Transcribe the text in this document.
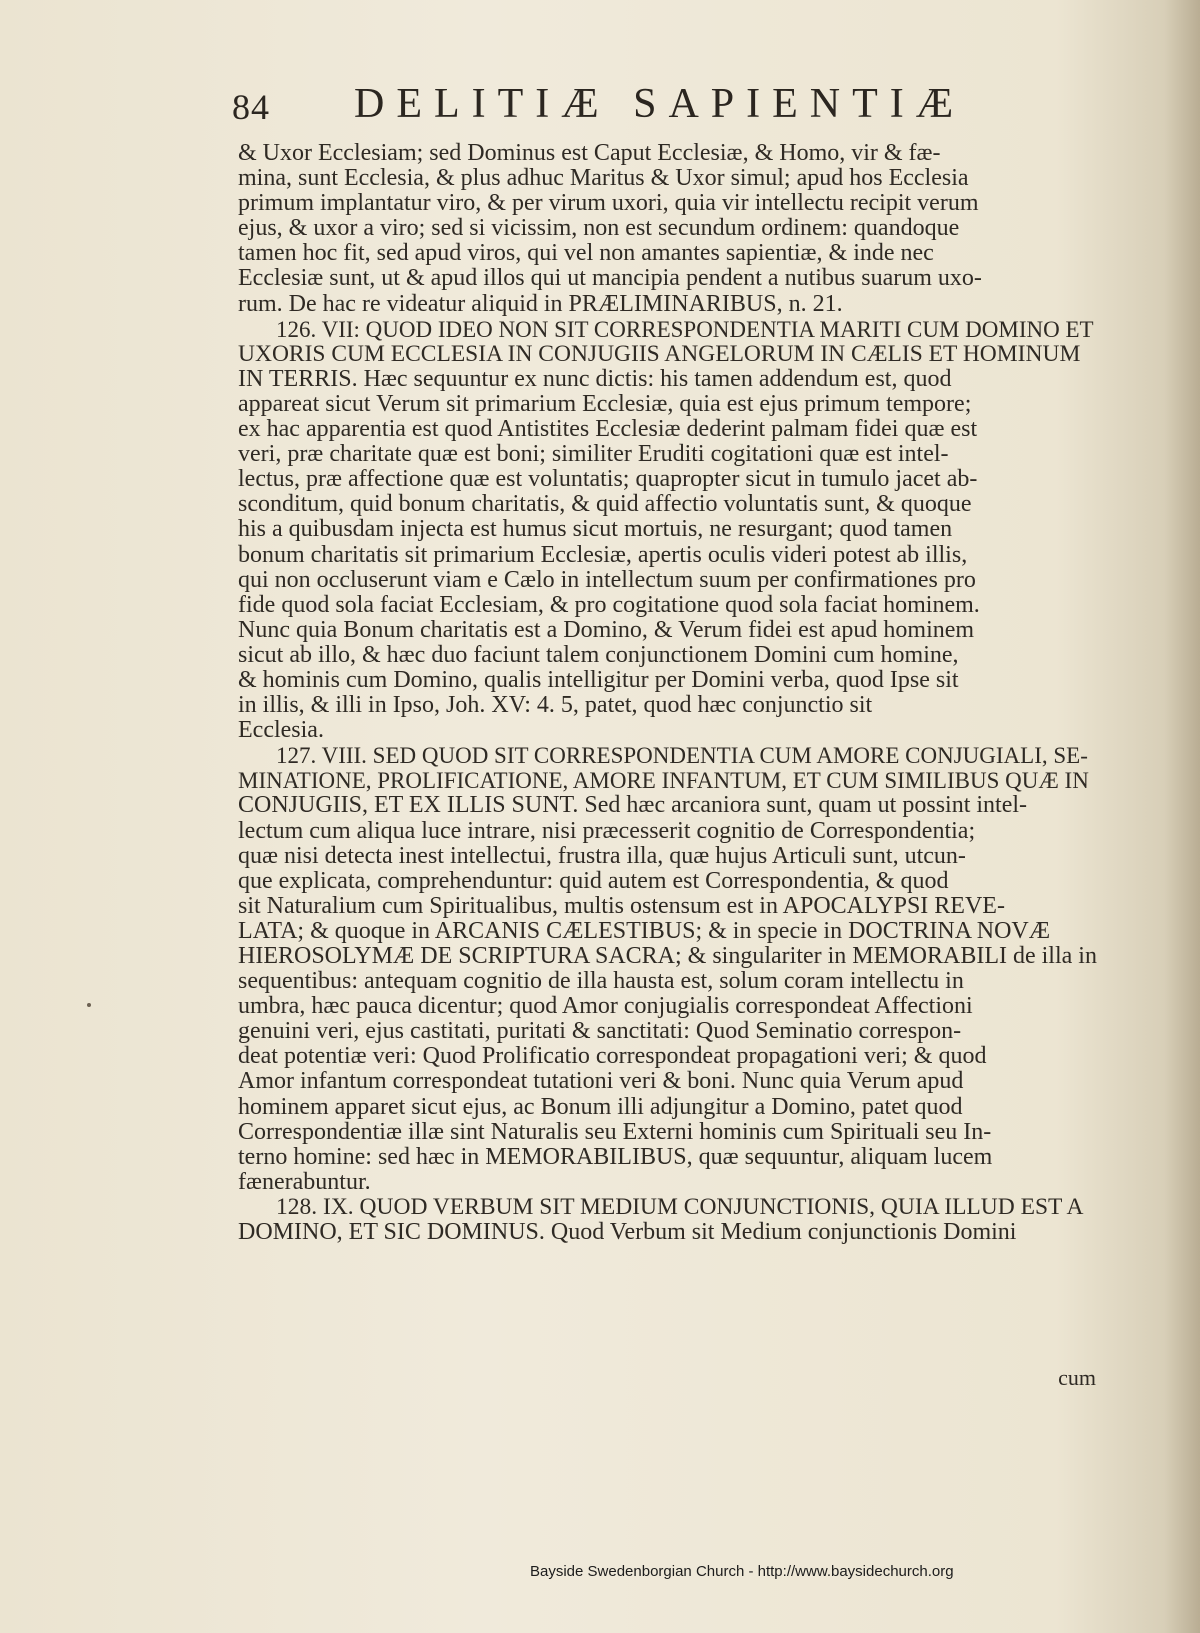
84 DELITIÆ SAPIENTIÆ
& Uxor Ecclesiam; sed Dominus est Caput Ecclesiæ, & Homo, vir & fæ-
mina, sunt Ecclesia, & plus adhuc Maritus & Uxor simul; apud hos Ecclesia
primum implantatur viro, & per virum uxori, quia vir intellectu recipit verum
ejus, & uxor a viro; sed si vicissim, non est secundum ordinem: quandoque
tamen hoc fit, sed apud viros, qui vel non amantes sapientiæ, & inde nec
Ecclesiæ sunt, ut & apud illos qui ut mancipia pendent a nutibus suarum uxo-
rum. De hac re videatur aliquid in PRÆLIMINARIBUS, n. 21.
126. VII: QUOD IDEO NON SIT CORRESPONDENTIA MARITI CUM DOMINO ET
UXORIS CUM ECCLESIA IN CONJUGIIS ANGELORUM IN CÆLIS ET HOMINUM
IN TERRIS. Hæc sequuntur ex nunc dictis: his tamen addendum est, quod
appareat sicut Verum sit primarium Ecclesiæ, quia est ejus primum tempore;
ex hac apparentia est quod Antistites Ecclesiæ dederint palmam fidei quæ est
veri, præ charitate quæ est boni; similiter Eruditi cogitationi quæ est intel-
lectus, præ affectione quæ est voluntatis; quapropter sicut in tumulo jacet ab-
sconditum, quid bonum charitatis, & quid affectio voluntatis sunt, & quoque
his a quibusdam injecta est humus sicut mortuis, ne resurgant; quod tamen
bonum charitatis sit primarium Ecclesiæ, apertis oculis videri potest ab illis,
qui non occluserunt viam e Cælo in intellectum suum per confirmationes pro
fide quod sola faciat Ecclesiam, & pro cogitatione quod sola faciat hominem.
Nunc quia Bonum charitatis est a Domino, & Verum fidei est apud hominem
sicut ab illo, & hæc duo faciunt talem conjunctionem Domini cum homine,
& hominis cum Domino, qualis intelligitur per Domini verba, quod Ipse sit
in illis, & illi in Ipso, Joh. XV: 4. 5, patet, quod hæc conjunctio sit
Ecclesia.
127. VIII. SED QUOD SIT CORRESPONDENTIA CUM AMORE CONJUGIALI, SE-
MINATIONE, PROLIFICATIONE, AMORE INFANTUM, ET CUM SIMILIBUS QUÆ IN
CONJUGIIS, ET EX ILLIS SUNT. Sed hæc arcaniora sunt, quam ut possint intel-
lectum cum aliqua luce intrare, nisi præcesserit cognitio de Correspondentia;
quæ nisi detecta inest intellectui, frustra illa, quæ hujus Articuli sunt, utcun-
que explicata, comprehenduntur: quid autem est Correspondentia, & quod
sit Naturalium cum Spiritualibus, multis ostensum est in APOCALYPSI REVE-
LATA; & quoque in ARCANIS CÆLESTIBUS; & in specie in DOCTRINA NOVÆ
HIEROSOLYMÆ DE SCRIPTURA SACRA; & singulariter in MEMORABILI de illa in
sequentibus: antequam cognitio de illa hausta est, solum coram intellectu in
umbra, hæc pauca dicentur; quod Amor conjugialis correspondeat Affectioni
genuini veri, ejus castitati, puritati & sanctitati: Quod Seminatio correspon-
deat potentiæ veri: Quod Prolificatio correspondeat propagationi veri; & quod
Amor infantum correspondeat tutationi veri & boni. Nunc quia Verum apud
hominem apparet sicut ejus, ac Bonum illi adjungitur a Domino, patet quod
Correspondentiæ illæ sint Naturalis seu Externi hominis cum Spirituali seu In-
terno homine: sed hæc in MEMORABILIBUS, quæ sequuntur, aliquam lucem
fænerabuntur.
128. IX. QUOD VERBUM SIT MEDIUM CONJUNCTIONIS, QUIA ILLUD EST A
DOMINO, ET SIC DOMINUS. Quod Verbum sit Medium conjunctionis Domini
cum
Bayside Swedenborgian Church - http://www.baysidechurch.org
